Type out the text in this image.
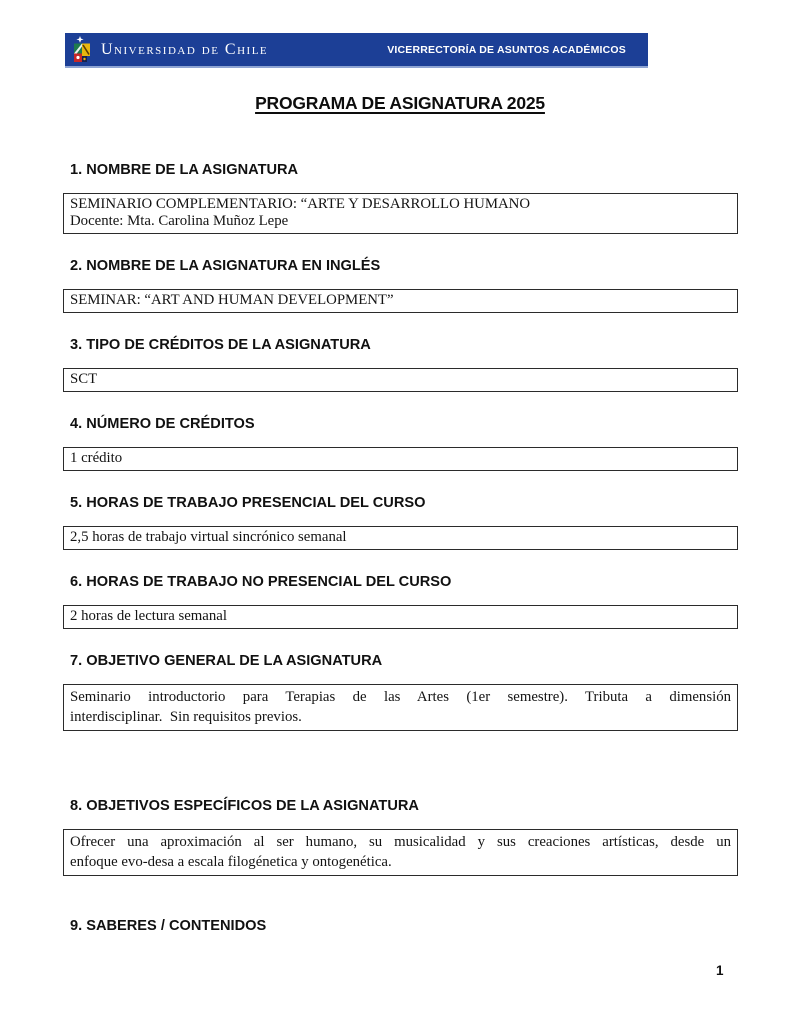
Universidad de Chile	VICERRECTORÍA DE ASUNTOS ACADÉMICOS
PROGRAMA DE ASIGNATURA 2025
1. NOMBRE DE LA ASIGNATURA
SEMINARIO COMPLEMENTARIO: “ARTE Y DESARROLLO HUMANO
Docente: Mta. Carolina Muñoz Lepe
2. NOMBRE DE LA ASIGNATURA EN INGLÉS
SEMINAR: “ART AND HUMAN DEVELOPMENT”
3. TIPO DE CRÉDITOS DE LA ASIGNATURA
SCT
4. NÚMERO DE CRÉDITOS
1 crédito
5. HORAS DE TRABAJO PRESENCIAL DEL CURSO
2,5 horas de trabajo virtual sincrónico semanal
6. HORAS DE TRABAJO NO PRESENCIAL DEL CURSO
2 horas de lectura semanal
7. OBJETIVO GENERAL DE LA ASIGNATURA
Seminario introductorio para Terapias de las Artes (1er semestre). Tributa a dimensión
interdisciplinar.  Sin requisitos previos.
8. OBJETIVOS ESPECÍFICOS DE LA ASIGNATURA
Ofrecer una aproximación al ser humano, su musicalidad y sus creaciones artísticas, desde un
enfoque evo-desa a escala filogénetica y ontogenética.
9. SABERES / CONTENIDOS
1
